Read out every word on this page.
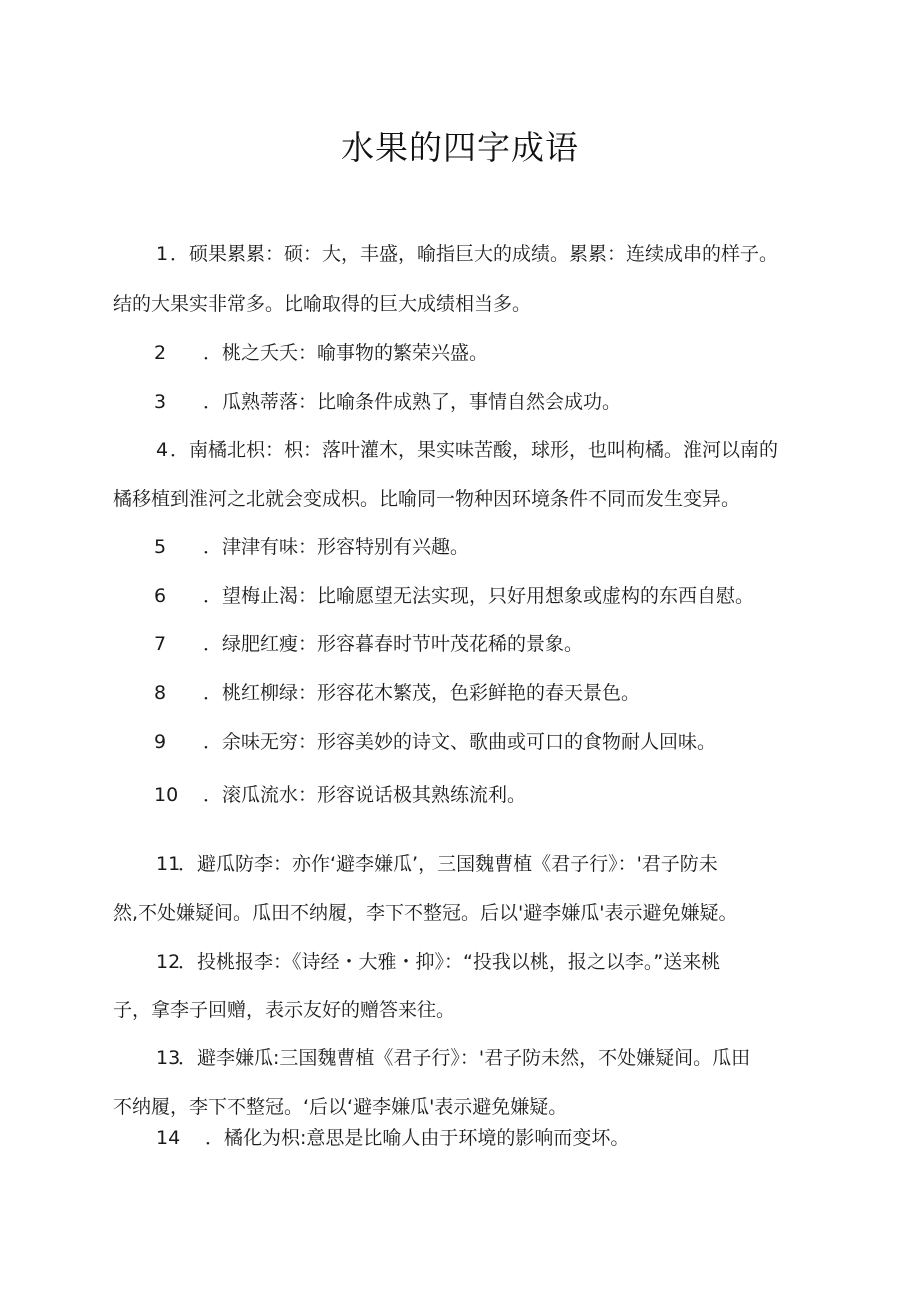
水果的四字成语
1 ．硕果累累：硕：大，丰盛，喻指巨大的成绩。累累：连续成串的样子。
结的大果实非常多。比喻取得的巨大成绩相当多。
2 ．桃之夭夭：喻事物的繁荣兴盛。
3 ．瓜熟蒂落：比喻条件成熟了，事情自然会成功。
4 ．南橘北枳：枳：落叶灌木，果实味苦酸，球形，也叫枸橘。淮河以南的
橘移植到淮河之北就会变成枳。比喻同一物种因环境条件不同而发生变异。
5 ．津津有味：形容特别有兴趣。
6 ．望梅止渴：比喻愿望无法实现，只好用想象或虚构的东西自慰。
7 ．绿肥红瘦：形容暮春时节叶茂花稀的景象。
8 ．桃红柳绿：形容花木繁茂，色彩鲜艳的春天景色。
9 ．余味无穷：形容美妙的诗文、歌曲或可口的食物耐人回味。
10 ．滚瓜流水：形容说话极其熟练流利。
11
．避瓜防李：亦作‘避李嫌瓜’，三国魏曹植《君子行》：'君子防未
然,不处嫌疑间。瓜田不纳履，李下不整冠。后以'避李嫌瓜'表示避免嫌疑。
12
．投桃报李：《诗经・大雅・抑》：“投我以桃，报之以李。”送来桃
子，拿李子回赠，表示友好的赠答来往。
13
．避李嫌瓜:三国魏曹植《君子行》：'君子防未然，不处嫌疑间。瓜田
不纳履，李下不整冠。‘后以‘避李嫌瓜'表示避免嫌疑。
14 ．橘化为枳:意思是比喻人由于环境的影响而变坏。
